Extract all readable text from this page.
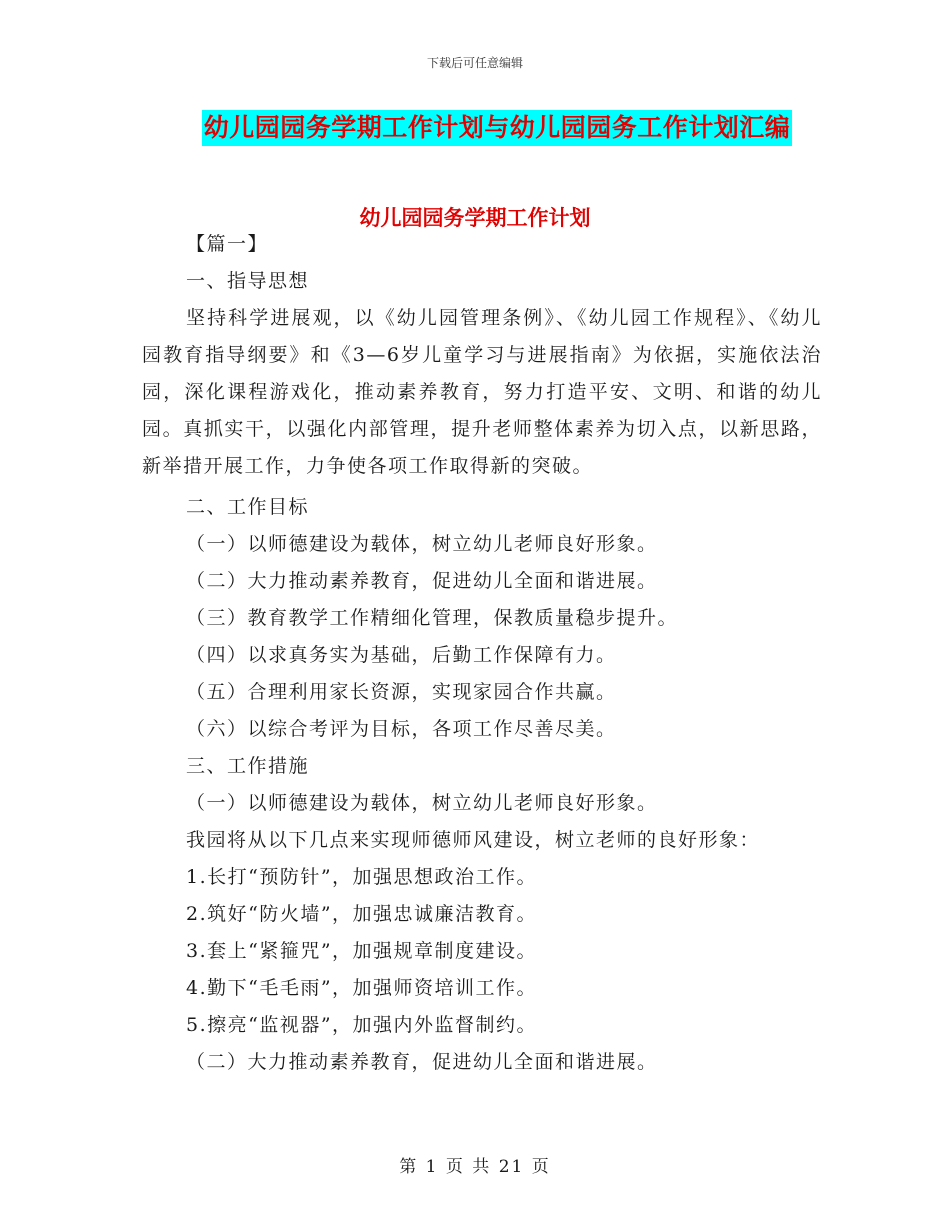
下载后可任意编辑
幼儿园园务学期工作计划与幼儿园园务工作计划汇编
幼儿园园务学期工作计划
【篇一】
一、指导思想
坚持科学进展观，以《幼儿园管理条例》、《幼儿园工作规程》、《幼儿园教育指导纲要》和《3—6岁儿童学习与进展指南》为依据，实施依法治园，深化课程游戏化，推动素养教育，努力打造平安、文明、和谐的幼儿园。真抓实干，以强化内部管理，提升老师整体素养为切入点，以新思路，新举措开展工作，力争使各项工作取得新的突破。
二、工作目标
（一）以师德建设为载体，树立幼儿老师良好形象。
（二）大力推动素养教育，促进幼儿全面和谐进展。
（三）教育教学工作精细化管理，保教质量稳步提升。
（四）以求真务实为基础，后勤工作保障有力。
（五）合理利用家长资源，实现家园合作共赢。
（六）以综合考评为目标，各项工作尽善尽美。
三、工作措施
（一）以师德建设为载体，树立幼儿老师良好形象。
我园将从以下几点来实现师德师风建设，树立老师的良好形象：
1.长打“预防针”，加强思想政治工作。
2.筑好“防火墙”，加强忠诚廉洁教育。
3.套上“紧箍咒”，加强规章制度建设。
4.勤下“毛毛雨”，加强师资培训工作。
5.擦亮“监视器”，加强内外监督制约。
（二）大力推动素养教育，促进幼儿全面和谐进展。
第 1 页 共 21 页
